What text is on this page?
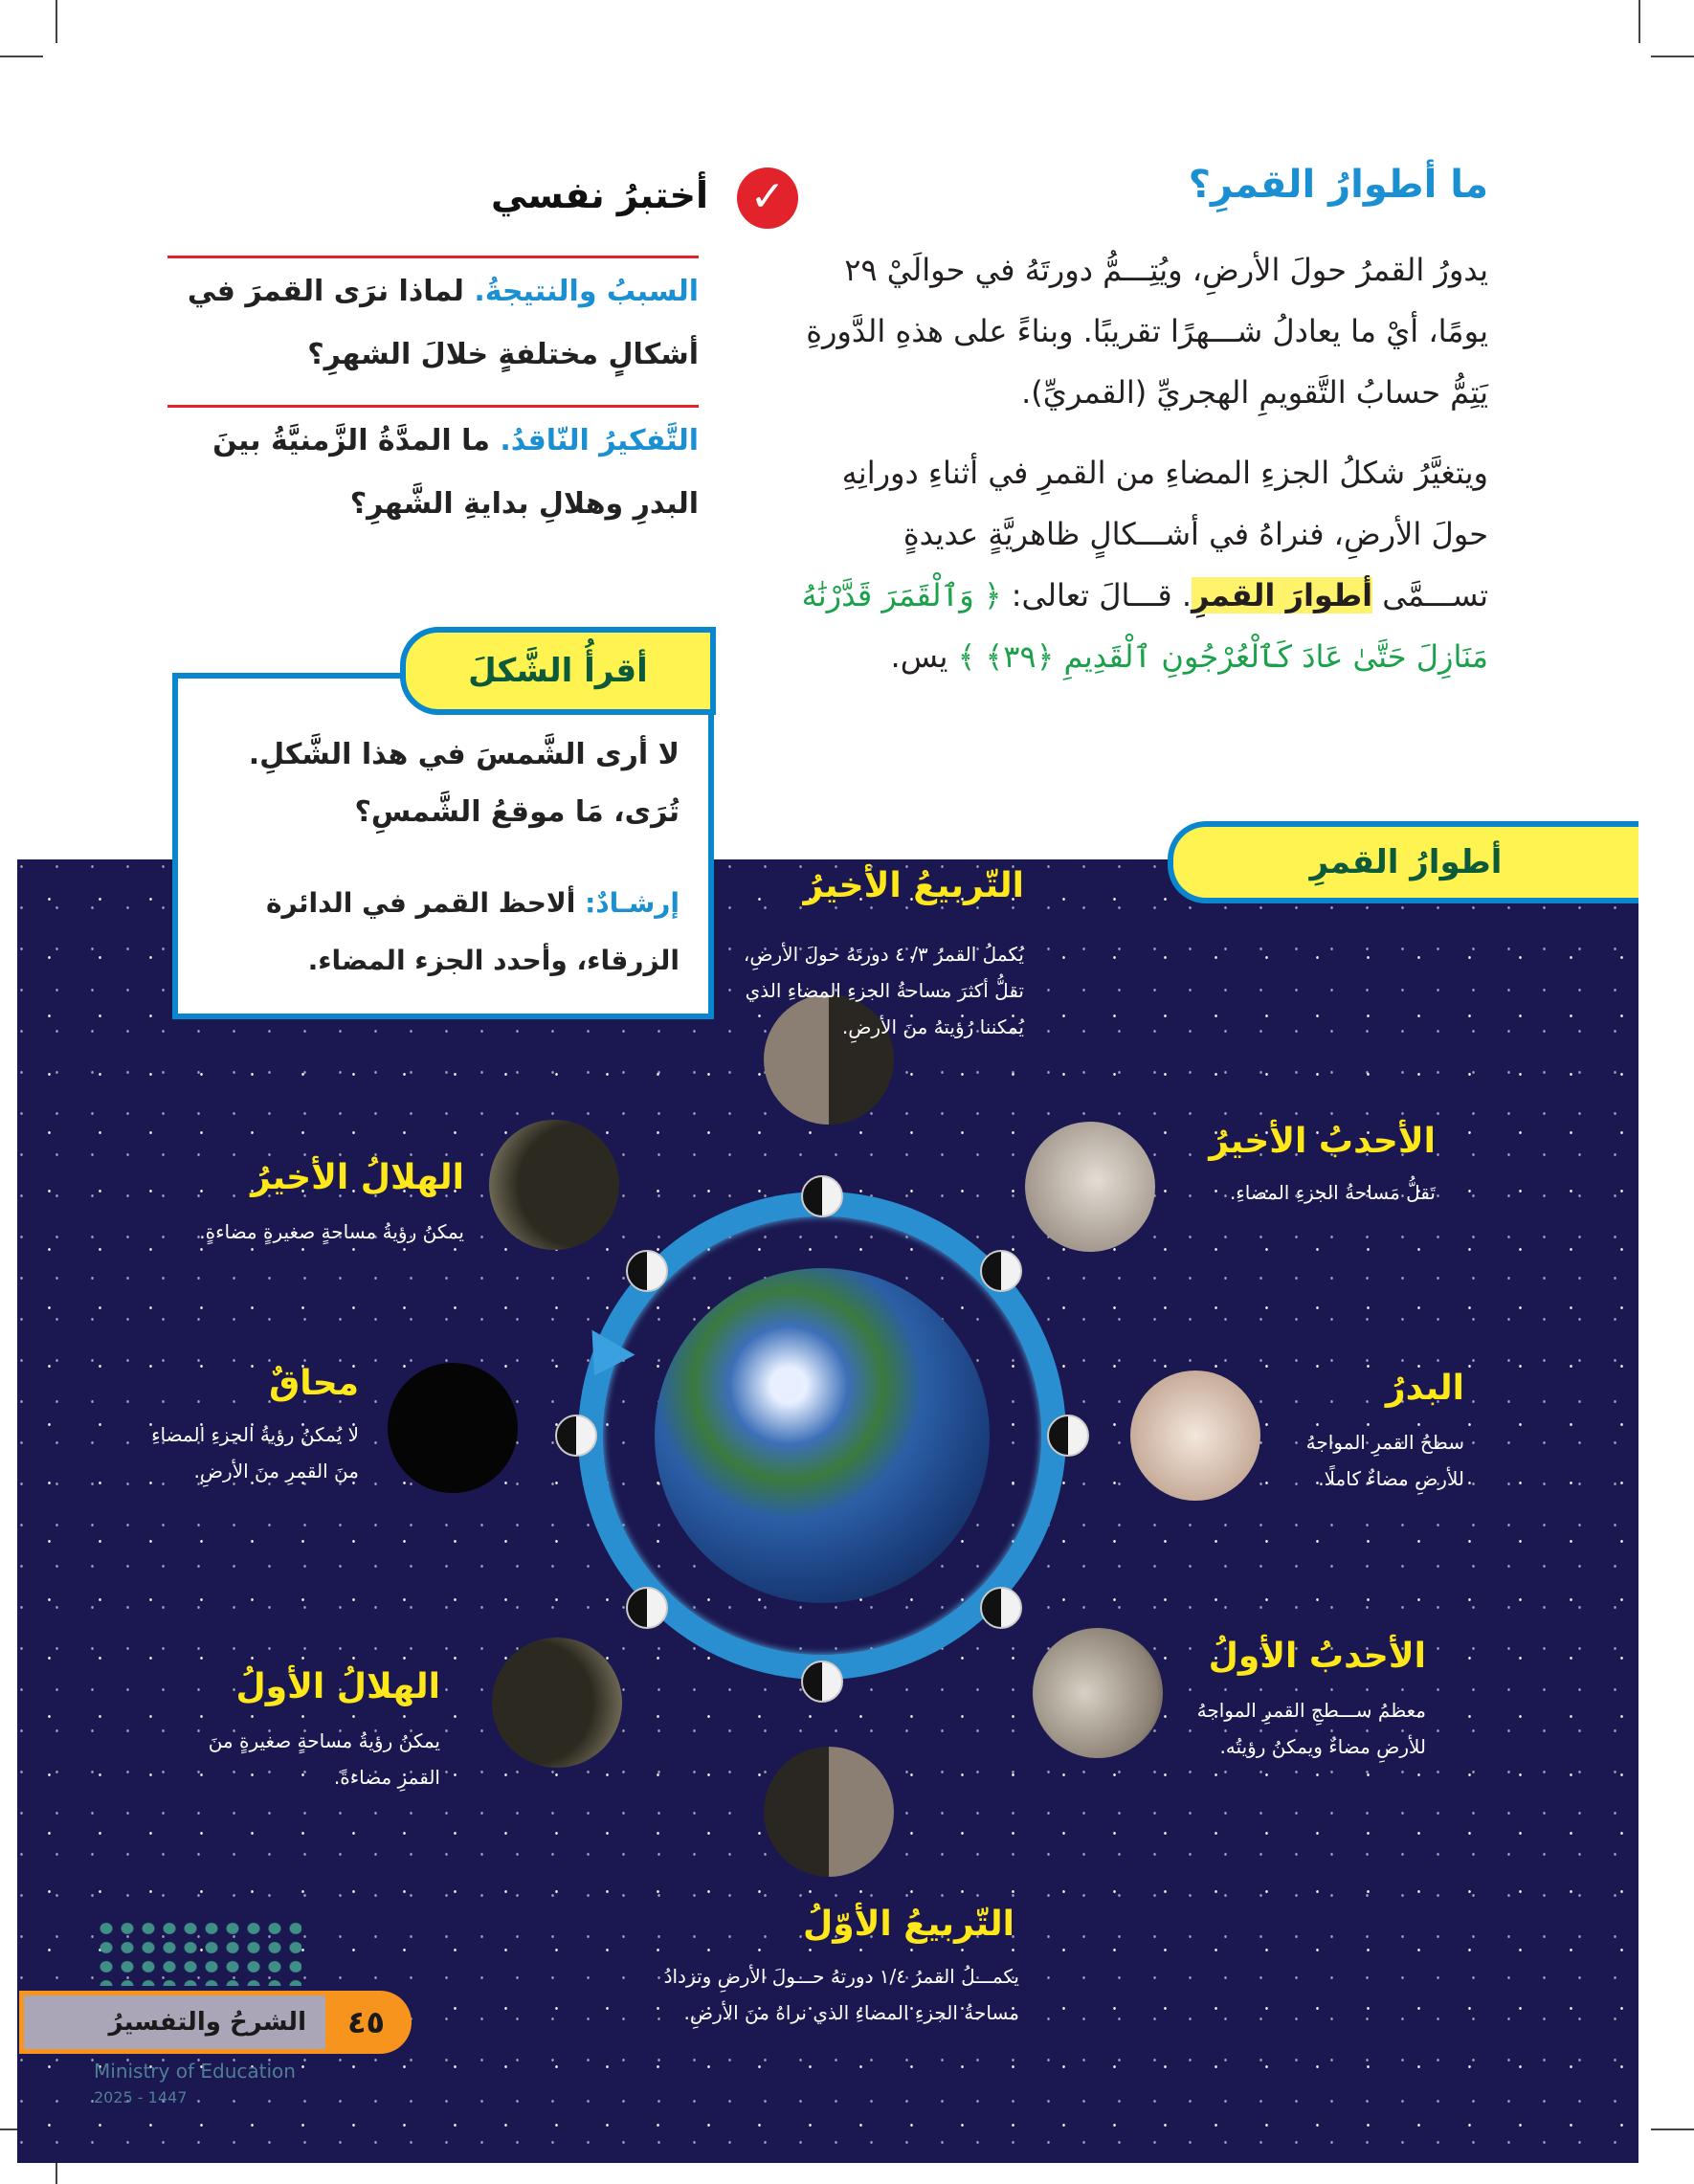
ما أطوارُ القمرِ؟
يدورُ القمرُ حولَ الأرضِ، ويُتِـــمُّ دورتَهُ في حوالَيْ ٢٩ يومًا، أيْ ما يعادلُ شـــهرًا تقريبًا. وبناءً على هذهِ الدَّورةِ يَتِمُّ حسابُ التَّقويمِ الهجريِّ (القمريِّ).
ويتغيَّرُ شكلُ الجزءِ المضاءِ من القمرِ في أثناءِ دورانِهِ حولَ الأرضِ، فنراهُ في أشـــكالٍ ظاهريَّةٍ عديدةٍ تســـمَّى أطوارَ القمرِ. قـــالَ تعالى: ﴿ وَٱلْقَمَرَ قَدَّرْنَٰهُ مَنَازِلَ حَتَّىٰ عَادَ كَٱلْعُرْجُونِ ٱلْقَدِيمِ ﴿٣٩﴾ ﴾ يس.
✓
أختبرُ نفسي
السببُ والنتيجةُ. لماذا نرَى القمرَ في أشكالٍ مختلفةٍ خلالَ الشهرِ؟
التَّفكيرُ النّاقدُ. ما المدَّةُ الزَّمنيَّةُ بينَ البدرِ وهلالِ بدايةِ الشَّهرِ؟
لا أرى الشَّمسَ في هذا الشَّكلِ. تُرَى، مَا موقعُ الشَّمسِ؟
إرشـادٌ: ألاحظ القمر في الدائرة الزرقاء، وأحدد الجزء المضاء.
أقرأُ الشَّكلَ
أطوارُ القمرِ
التّربيعُ الأخيرُ
يُكملُ القمرُ ٣/ ٤ دورتَهُ حولَ الأرضِ،
تقلُّ أكثرَ مساحةُ الجزءِ المضاءِ الذي
يُمكننا رُؤيتهُ منَ الأرضِ.
الأحدبُ الأخيرُ
تَقلُّ مَساحةُ الجزءِ المضاءِ.
البدرُ
سطحُ القمرِ المواجهُ
للأرضِ مضاءٌ كاملًا.
الأحدبُ الأولُ
معظمُ ســـطحِ القمرِ المواجهُ
للأرضِ مضاءٌ ويمكنُ رؤيتُه.
التّربيعُ الأوّلُ
يكمـــلُ القمرُ ١/٤ دورتهُ حـــولَ الأرضِ وتزدادُ
مساحةُ الجزءِ المضاءِ الذي نراهُ منَ الأرضِ.
الهلالُ الأولُ
يمكنُ رؤيةُ مساحةٍ صغيرةٍ منَ
القمرِ مضاءةً.
محاقٌ
لا يُمكنُ رؤيةُ الجزءِ المضاءِ
منَ القمرِ منَ الأرضِ.
الهلالُ الأخيرُ
يمكنُ رؤيةُ مساحةٍ صغيرةٍ مضاءةٍ.
الشرحُ والتفسيرُ	٤٥
Ministry of Education
2025 - 1447
